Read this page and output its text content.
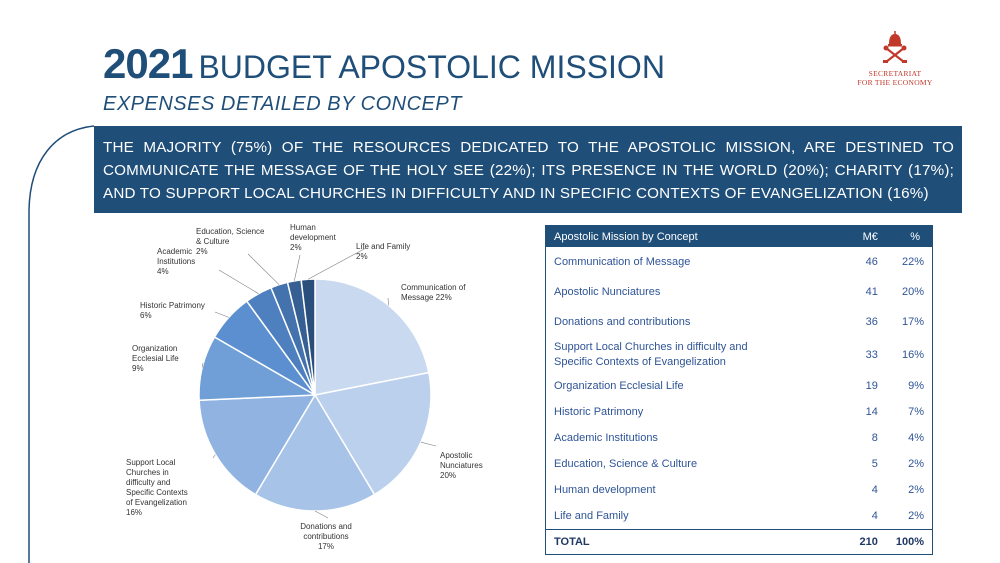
2021 BUDGET APOSTOLIC MISSION
EXPENSES DETAILED BY CONCEPT
SECRETARIAT
FOR THE ECONOMY
THE MAJORITY (75%) OF THE RESOURCES DEDICATED TO THE APOSTOLIC MISSION, ARE DESTINED TO COMMUNICATE THE MESSAGE OF THE HOLY SEE (22%); ITS PRESENCE IN THE WORLD (20%); CHARITY (17%); AND TO SUPPORT LOCAL CHURCHES IN DIFFICULTY AND IN SPECIFIC CONTEXTS OF EVANGELIZATION (16%)
Communication of Message 22%
Apostolic Nunciatures 20%
Donations and contributions 17%
Support Local Churches in difficulty and Specific Contexts of Evangelization 16%
Organization Ecclesial Life 9%
Historic Patrimony 6%
Academic Institutions 4%
Education, Science & Culture 2%
Human development 2%	Life and Family 2%
Apostolic Mission by Concept	M€	%
Communication of Message	46	22%
Apostolic Nunciatures	41	20%
Donations and contributions	36	17%

Support Local Churches in difficulty and
Specific Contexts of Evangelization	33	16%
Organization Ecclesial Life	19	9%
Historic Patrimony	14	7%
Academic Institutions	8	4%
Education, Science & Culture	5	2%
Human development	4	2%
Life and Family	4	2%
TOTAL	210	100%
